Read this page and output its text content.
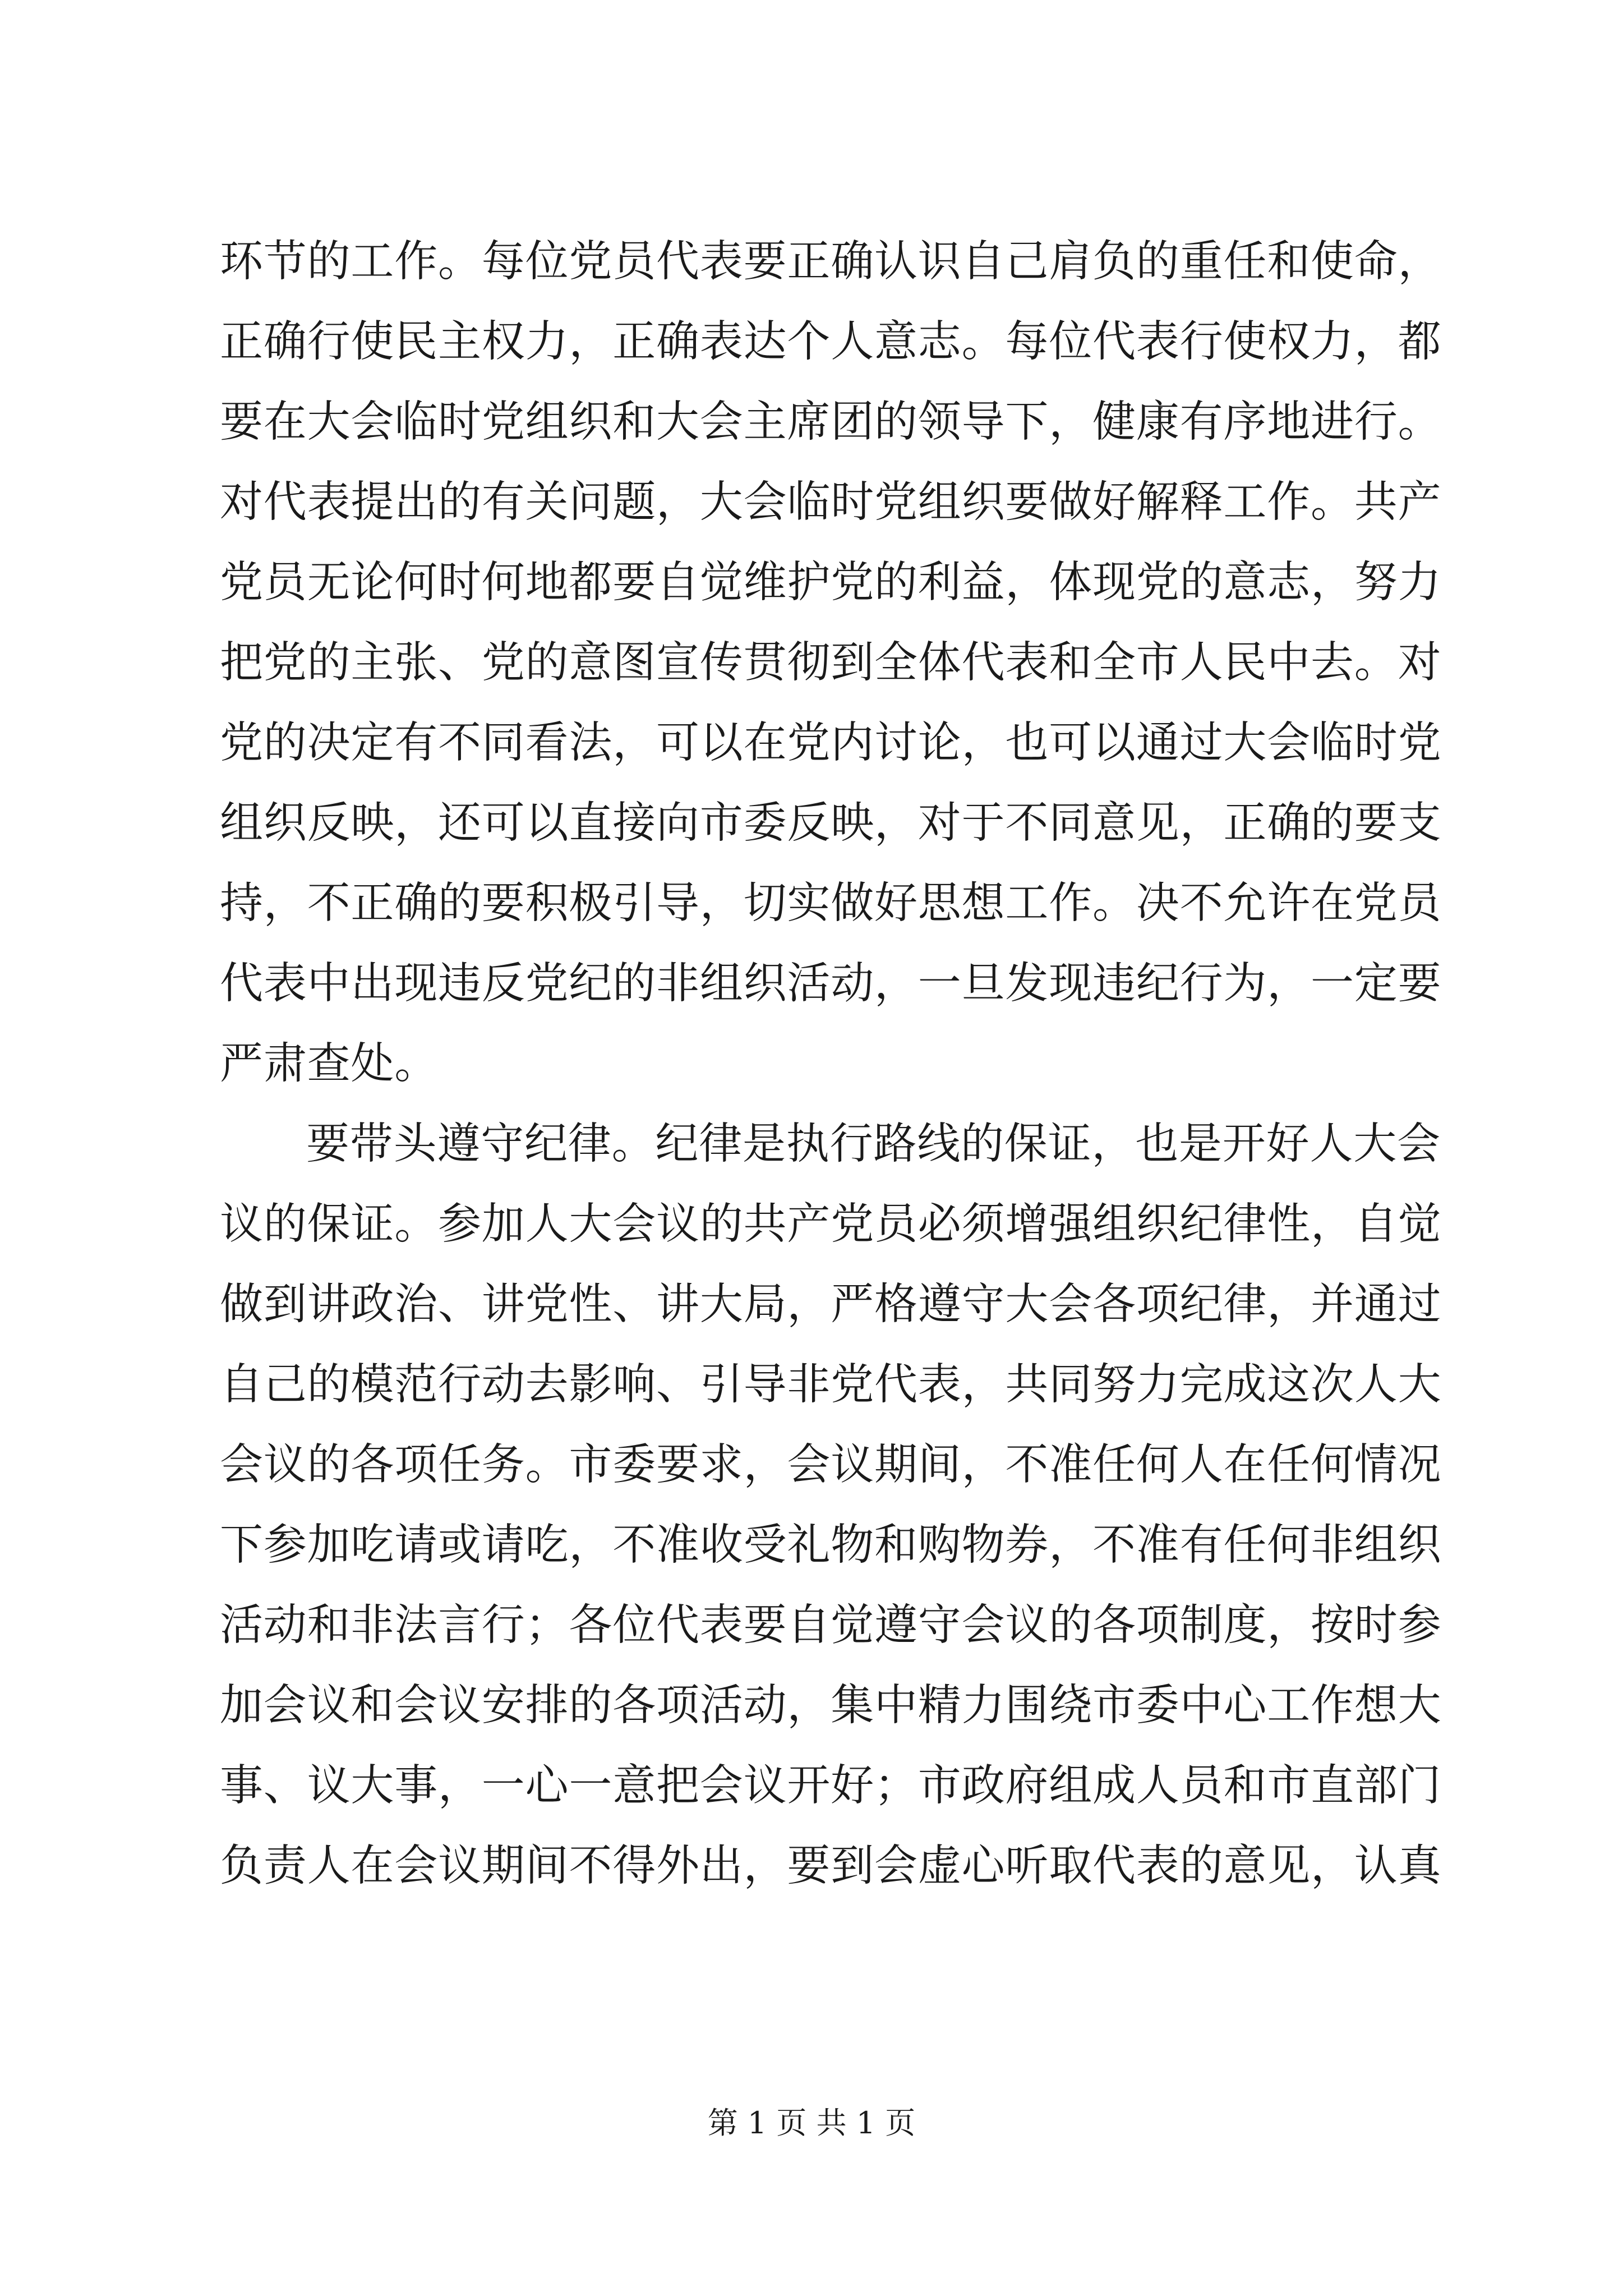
环节的工作。每位党员代表要正确认识自己肩负的重任和使命，
正确行使民主权力，正确表达个人意志。每位代表行使权力，都
要在大会临时党组织和大会主席团的领导下，健康有序地进行。
对代表提出的有关问题，大会临时党组织要做好解释工作。共产
党员无论何时何地都要自觉维护党的利益，体现党的意志，努力
把党的主张、党的意图宣传贯彻到全体代表和全市人民中去。对
党的决定有不同看法，可以在党内讨论，也可以通过大会临时党
组织反映，还可以直接向市委反映，对于不同意见，正确的要支
持，不正确的要积极引导，切实做好思想工作。决不允许在党员
代表中出现违反党纪的非组织活动，一旦发现违纪行为，一定要
严肃查处。
要带头遵守纪律。纪律是执行路线的保证，也是开好人大会
议的保证。参加人大会议的共产党员必须增强组织纪律性，自觉
做到讲政治、讲党性、讲大局，严格遵守大会各项纪律，并通过
自己的模范行动去影响、引导非党代表，共同努力完成这次人大
会议的各项任务。市委要求，会议期间，不准任何人在任何情况
下参加吃请或请吃，不准收受礼物和购物券，不准有任何非组织
活动和非法言行；各位代表要自觉遵守会议的各项制度，按时参
加会议和会议安排的各项活动，集中精力围绕市委中心工作想大
事、议大事，一心一意把会议开好；市政府组成人员和市直部门
负责人在会议期间不得外出，要到会虚心听取代表的意见，认真
第 1 页 共 1 页
